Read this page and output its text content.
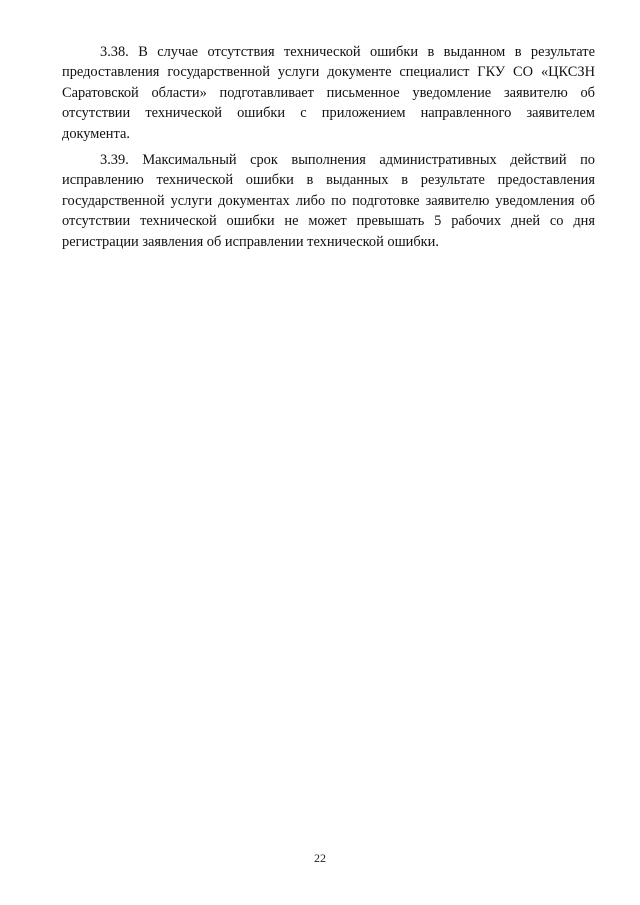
3.38. В случае отсутствия технической ошибки в выданном в результате предоставления государственной услуги документе специалист ГКУ СО «ЦКСЗН Саратовской области» подготавливает письменное уведомление заявителю об отсутствии технической ошибки с приложением направленного заявителем документа.

3.39. Максимальный срок выполнения административных действий по исправлению технической ошибки в выданных в результате предоставления государственной услуги документах либо по подготовке заявителю уведомления об отсутствии технической ошибки не может превышать 5 рабочих дней со дня регистрации заявления об исправлении технической ошибки.

22
